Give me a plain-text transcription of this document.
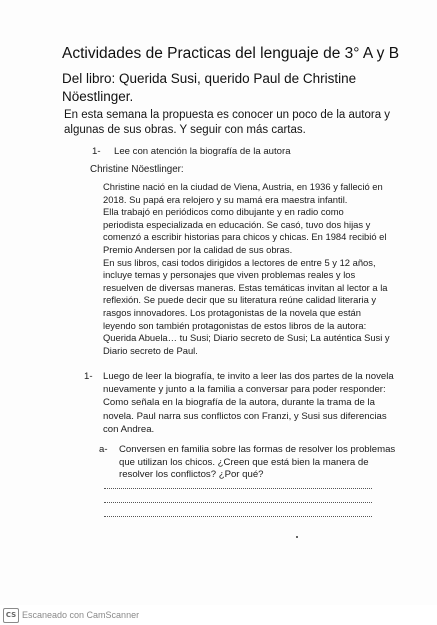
Actividades de Practicas del lenguaje de 3° A y B
Del libro: Querida Susi, querido Paul de Christine
Nöestlinger.
En esta semana la propuesta es conocer un poco de la autora y
algunas de sus obras. Y seguir con más cartas.
1- Lee con atención la biografía de la autora
Christine Nöestlinger:

Christine nació en la ciudad de Viena, Austria, en 1936 y falleció en

2018. Su papá era relojero y su mamá era maestra infantil.

Ella trabajó en periódicos como dibujante y en radio como

periodista especializada en educación. Se casó, tuvo dos hijas y

comenzó a escribir historias para chicos y chicas. En 1984 recibió el

Premio Andersen por la calidad de sus obras.

En sus libros, casi todos dirigidos a lectores de entre 5 y 12 años,

incluye temas y personajes que viven problemas reales y los

resuelven de diversas maneras. Estas temáticas invitan al lector a la

reflexión. Se puede decir que su literatura reúne calidad literaria y

rasgos innovadores. Los protagonistas de la novela que están

leyendo son también protagonistas de estos libros de la autora:

Querida Abuela… tu Susi; Diario secreto de Susi; La auténtica Susi y

Diario secreto de Paul.

1- Luego de leer la biografía, te invito a leer las dos partes de la novela
nuevamente y junto a la familia a conversar para poder responder:
Como señala en la biografía de la autora, durante la trama de la
novela. Paul narra sus conflictos con Franzi, y Susi sus diferencias
con Andrea.
a- Conversen en familia sobre las formas de resolver los problemas
que utilizan los chicos. ¿Creen que está bien la manera de
resolver los conflictos? ¿Por qué?
CS Escaneado con CamScanner
